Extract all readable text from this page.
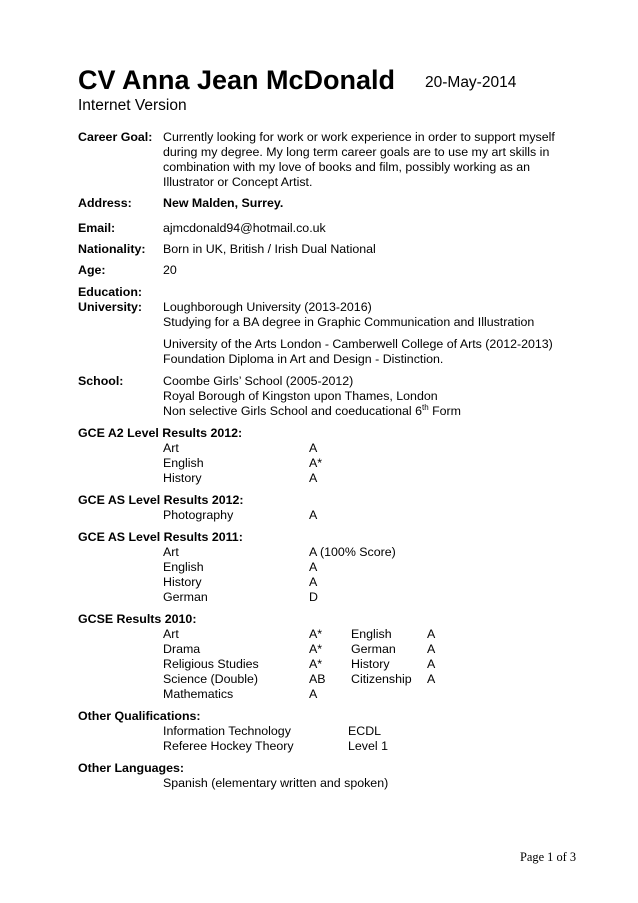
CV Anna Jean McDonald 20-May-2014
Internet Version
Career Goal: Currently looking for work or work experience in order to support myself
during my degree. My long term career goals are to use my art skills in
combination with my love of books and film, possibly working as an
Illustrator or Concept Artist.
Address:	New Malden, Surrey.
Email:	ajmcdonald94@hotmail.co.uk
Nationality: Born in UK, British / Irish Dual National
Age:	20
Education:
University: Loughborough University (2013-2016)
Studying for a BA degree in Graphic Communication and Illustration
University of the Arts London - Camberwell College of Arts (2012-2013)
Foundation Diploma in Art and Design - Distinction.
School:	Coombe Girls’ School (2005-2012)
Royal Borough of Kingston upon Thames, London
Non selective Girls School and coeducational 6th Form
GCE A2 Level Results 2012:
Art	A
English	A*
History	A
GCE AS Level Results 2012:
Photography	A
GCE AS Level Results 2011:
Art	A (100% Score)
English	A
History	A
German	D
GCSE Results 2010:
Art	A* English	A
Drama	A* German	A
Religious Studies	A* History	A
Science (Double)	AB Citizenship A
Mathematics	A
Other Qualifications:
Information Technology	ECDL
Referee Hockey Theory	Level 1
Other Languages:
Spanish (elementary written and spoken)
Page 1 of 3
